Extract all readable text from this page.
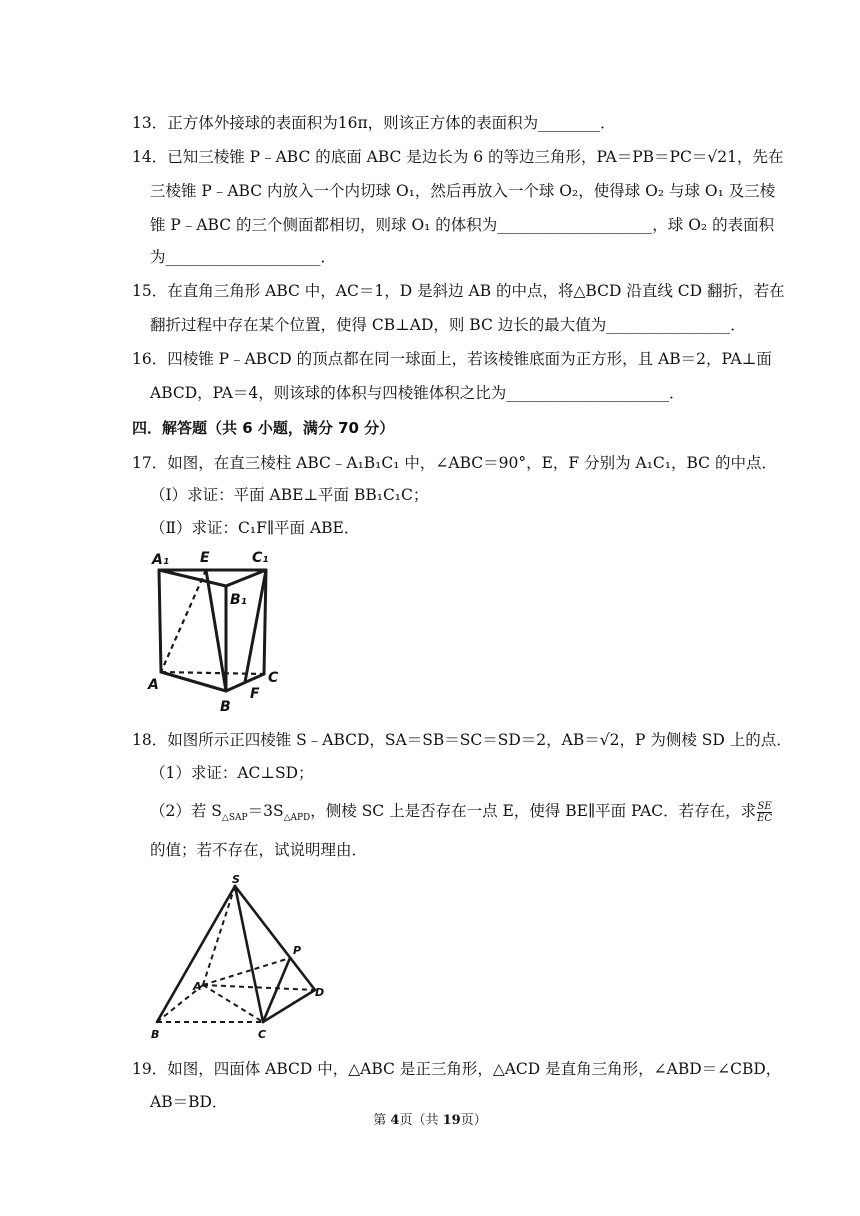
13．正方体外接球的表面积为16π，则该正方体的表面积为________．
14．已知三棱锥 P﹣ABC 的底面 ABC 是边长为 6 的等边三角形，PA＝PB＝PC＝√21，先在
三棱锥 P﹣ABC 内放入一个内切球 O₁，然后再放入一个球 O₂，使得球 O₂ 与球 O₁ 及三棱
锥 P﹣ABC 的三个侧面都相切，则球 O₁ 的体积为____________________，球 O₂ 的表面积
为____________________．
15．在直角三角形 ABC 中，AC＝1，D 是斜边 AB 的中点，将△BCD 沿直线 CD 翻折，若在
翻折过程中存在某个位置，使得 CB⊥AD，则 BC 边长的最大值为________________．
16．四棱锥 P﹣ABCD 的顶点都在同一球面上，若该棱锥底面为正方形，且 AB＝2，PA⊥面
ABCD，PA＝4，则该球的体积与四棱锥体积之比为_____________________．
四．解答题（共 6 小题，满分 70 分）
17．如图，在直三棱柱 ABC﹣A₁B₁C₁ 中，∠ABC＝90°，E，F 分别为 A₁C₁，BC 的中点．
（Ⅰ）求证：平面 ABE⊥平面 BB₁C₁C；
（Ⅱ）求证：C₁F∥平面 ABE．
A₁ E	C₁
B₁
A	C
F
B
18．如图所示正四棱锥 S﹣ABCD，SA＝SB＝SC＝SD＝2，AB＝√2，P 为侧棱 SD 上的点．
（1）求证：AC⊥SD；
（2）若 $S_{\triangle SAP}=3S_{\triangle APD}$，侧棱 SC 上是否存在一点 E，使得 BE∥平面 PAC．若存在，求 $\frac{SE}{EC}$
的值；若不存在，试说明理由．
S
P
A	D
B	C
19．如图，四面体 ABCD 中，△ABC 是正三角形，△ACD 是直角三角形，∠ABD＝∠CBD，
AB＝BD．
第 4页（共 19页）
